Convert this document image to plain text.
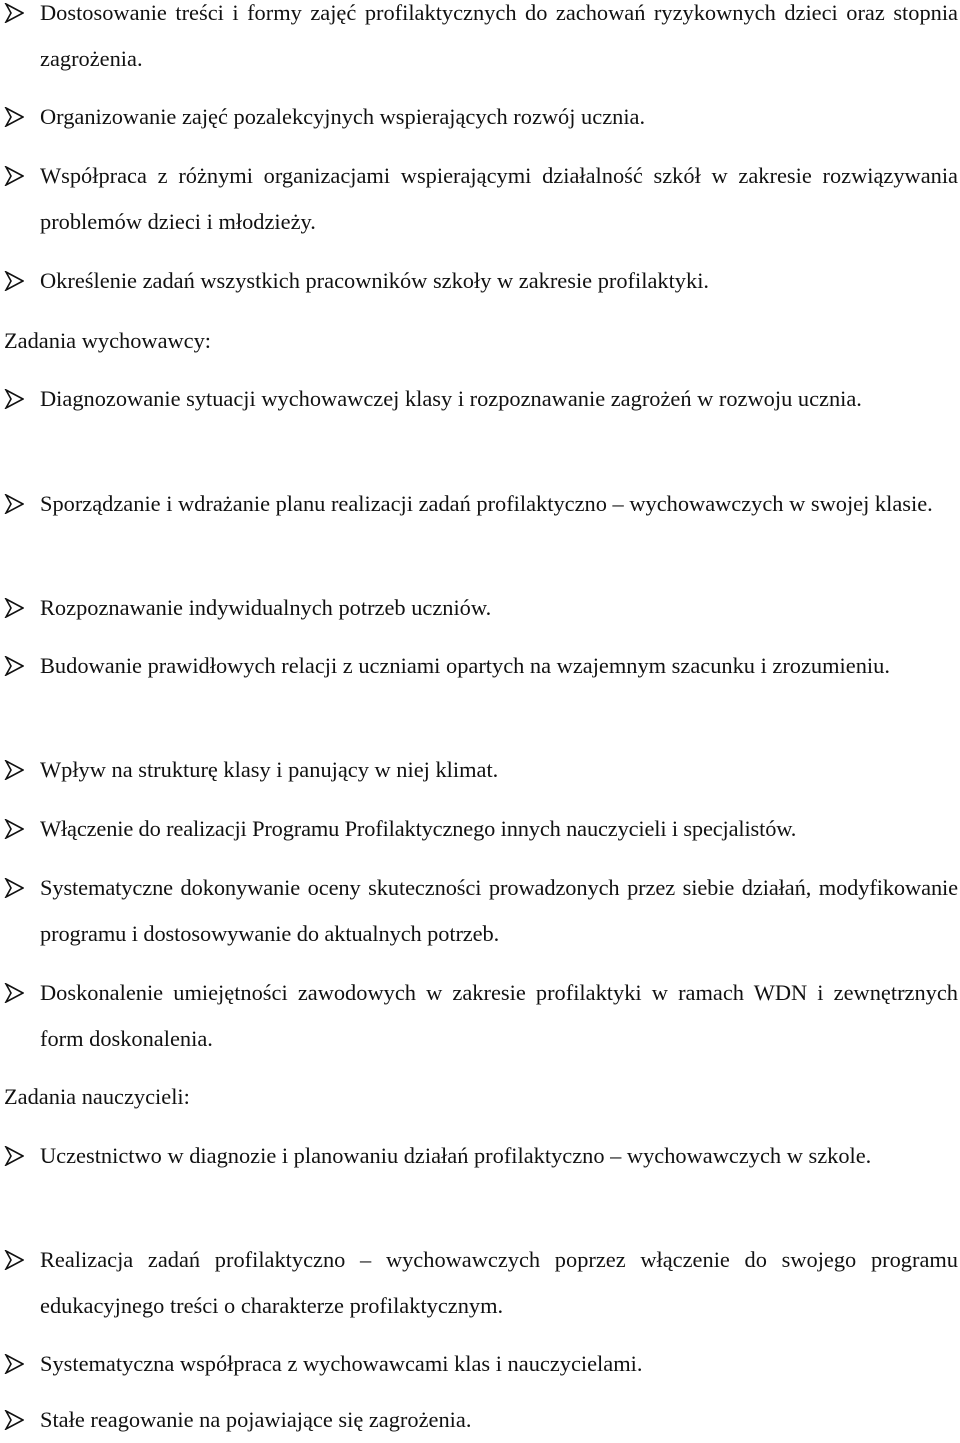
Dostosowanie treści i formy zajęć profilaktycznych do zachowań ryzykownych dzieci oraz stopnia zagrożenia.
Organizowanie zajęć pozalekcyjnych wspierających rozwój ucznia.
Współpraca z różnymi organizacjami wspierającymi działalność szkół w zakresie rozwiązywania problemów dzieci i młodzieży.
Określenie zadań wszystkich pracowników szkoły w zakresie profilaktyki.
Zadania wychowawcy:
Diagnozowanie sytuacji wychowawczej klasy i rozpoznawanie zagrożeń w rozwoju ucznia.
Sporządzanie i wdrażanie planu realizacji zadań profilaktyczno – wychowawczych w swojej klasie.
Rozpoznawanie indywidualnych potrzeb uczniów.
Budowanie prawidłowych relacji z uczniami opartych na wzajemnym szacunku i zrozumieniu.
Wpływ na strukturę klasy i panujący w niej klimat.
Włączenie do realizacji Programu Profilaktycznego innych nauczycieli i specjalistów.
Systematyczne dokonywanie oceny skuteczności prowadzonych przez siebie działań, modyfikowanie programu i dostosowywanie do aktualnych potrzeb.
Doskonalenie umiejętności zawodowych w zakresie profilaktyki w ramach WDN i zewnętrznych form doskonalenia.
Zadania nauczycieli:
Uczestnictwo w diagnozie i planowaniu działań profilaktyczno – wychowawczych w szkole.
Realizacja zadań profilaktyczno – wychowawczych poprzez włączenie do swojego programu edukacyjnego treści o charakterze profilaktycznym.
Systematyczna współpraca z wychowawcami klas i nauczycielami.
Stałe reagowanie na pojawiające się zagrożenia.
